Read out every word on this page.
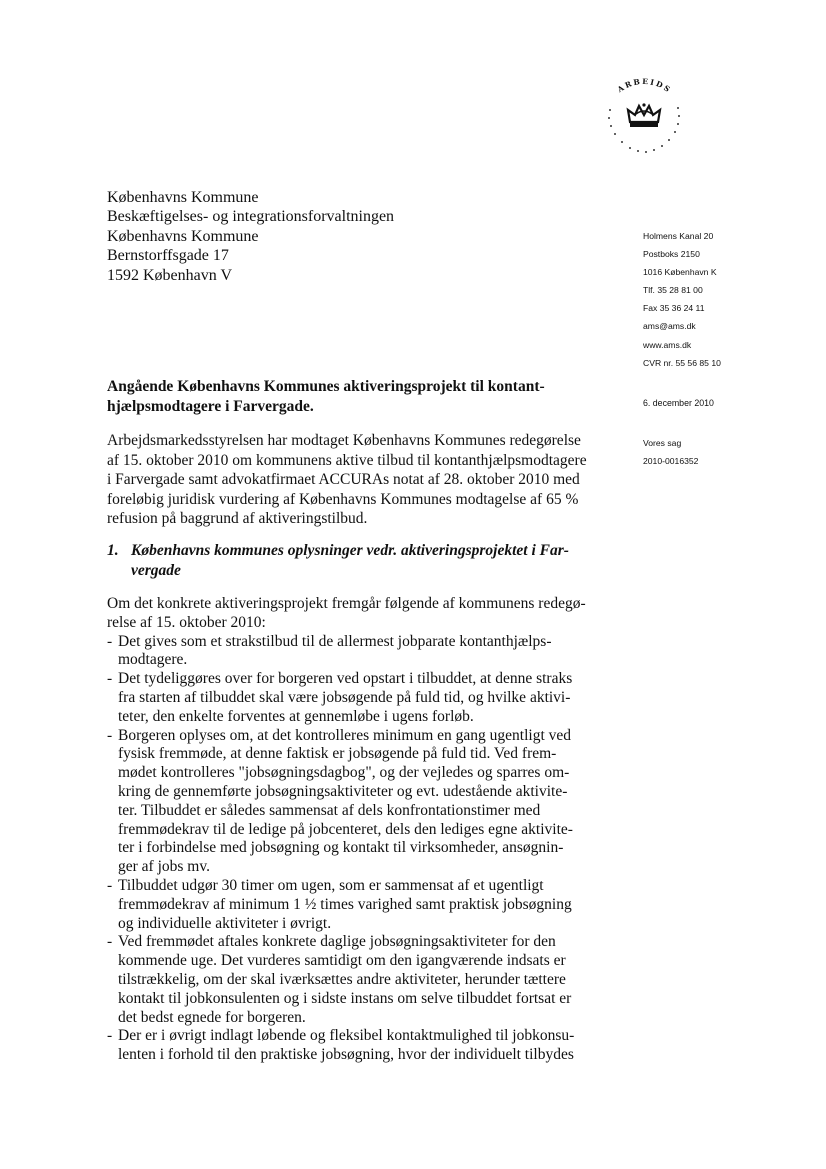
ARBEIDS
Københavns Kommune
Beskæftigelses- og integrationsforvaltningen
Københavns Kommune
Bernstorffsgade 17
1592 København V
Holmens Kanal 20
Postboks 2150
1016 København K
Tlf. 35 28 81 00
Fax 35 36 24 11
ams@ams.dk
www.ams.dk
CVR nr. 55 56 85 10
6. december 2010
Vores sag
2010-0016352
Angående Københavns Kommunes aktiveringsprojekt til kontant-
hjælpsmodtagere i Farvergade.
Arbejdsmarkedsstyrelsen har modtaget Københavns Kommunes redegørelse
af 15. oktober 2010 om kommunens aktive tilbud til kontanthjælpsmodtagere
i Farvergade samt advokatfirmaet ACCURAs notat af 28. oktober 2010 med
foreløbig juridisk vurdering af Københavns Kommunes modtagelse af 65 %
refusion på baggrund af aktiveringstilbud.
1. Københavns kommunes oplysninger vedr. aktiveringsprojektet i Far-
vergade
Om det konkrete aktiveringsprojekt fremgår følgende af kommunens redegø-
relse af 15. oktober 2010:
- Det gives som et strakstilbud til de allermest jobparate kontanthjælps-
modtagere.
- Det tydeliggøres over for borgeren ved opstart i tilbuddet, at denne straks
fra starten af tilbuddet skal være jobsøgende på fuld tid, og hvilke aktivi-
teter, den enkelte forventes at gennemløbe i ugens forløb.
- Borgeren oplyses om, at det kontrolleres minimum en gang ugentligt ved
fysisk fremmøde, at denne faktisk er jobsøgende på fuld tid. Ved frem-
mødet kontrolleres "jobsøgningsdagbog", og der vejledes og sparres om-
kring de gennemførte jobsøgningsaktiviteter og evt. udestående aktivite-
ter. Tilbuddet er således sammensat af dels konfrontationstimer med
fremmødekrav til de ledige på jobcenteret, dels den lediges egne aktivite-
ter i forbindelse med jobsøgning og kontakt til virksomheder, ansøgnin-
ger af jobs mv.
- Tilbuddet udgør 30 timer om ugen, som er sammensat af et ugentligt
fremmødekrav af minimum 1 ½ times varighed samt praktisk jobsøgning
og individuelle aktiviteter i øvrigt.
- Ved fremmødet aftales konkrete daglige jobsøgningsaktiviteter for den
kommende uge. Det vurderes samtidigt om den igangværende indsats er
tilstrækkelig, om der skal iværksættes andre aktiviteter, herunder tættere
kontakt til jobkonsulenten og i sidste instans om selve tilbuddet fortsat er
det bedst egnede for borgeren.
- Der er i øvrigt indlagt løbende og fleksibel kontaktmulighed til jobkonsu-
lenten i forhold til den praktiske jobsøgning, hvor der individuelt tilbydes
